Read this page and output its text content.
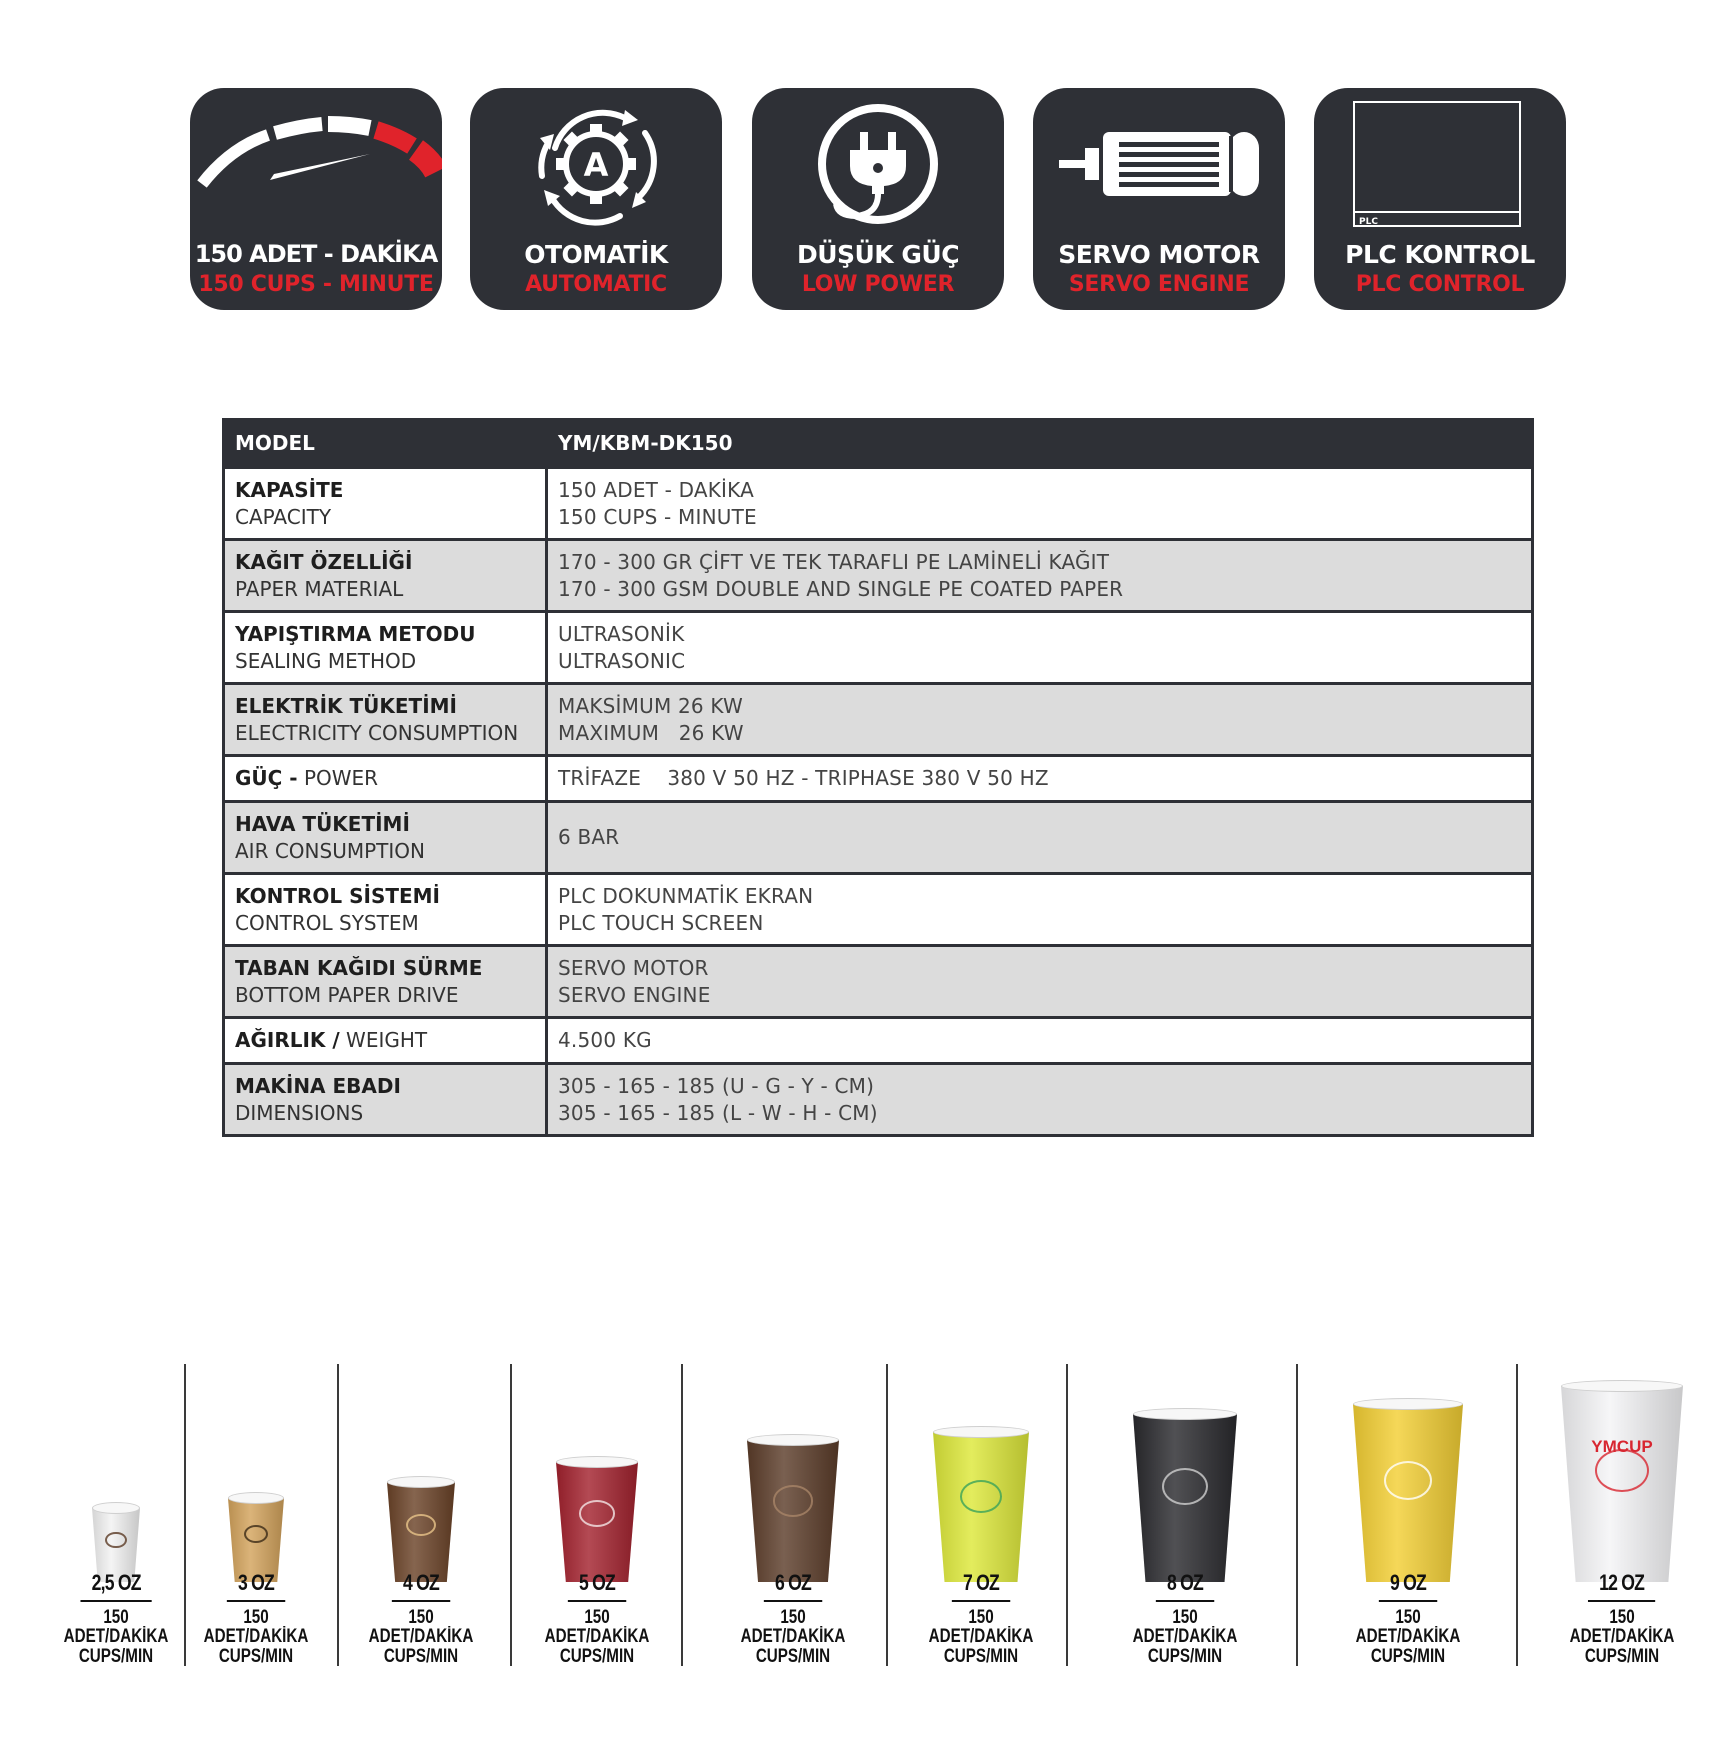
150 ADET - DAKİKA
150 CUPS - MINUTE
A
OTOMATİK
AUTOMATIC
DÜŞÜK GÜÇ
LOW POWER
SERVO MOTOR
SERVO ENGINE
PLC
PLC KONTROL
PLC CONTROL
MODEL	YM/KBM-DK150

KAPASİTE
CAPACITY	150 ADET - DAKİKA
150 CUPS - MINUTE

KAĞIT ÖZELLİĞİ
PAPER MATERIAL	170 - 300 GR ÇİFT VE TEK TARAFLI PE LAMİNELİ KAĞIT
170 - 300 GSM DOUBLE AND SINGLE PE COATED PAPER

YAPIŞTIRMA METODU
SEALING METHOD	ULTRASONİK
ULTRASONIC

ELEKTRİK TÜKETİMİ
ELECTRICITY CONSUMPTION	MAKSİMUM 26 KW
MAXIMUM   26 KW

GÜÇ - POWER	TRİFAZE    380 V 50 HZ - TRIPHASE 380 V 50 HZ

HAVA TÜKETİMİ
AIR CONSUMPTION	6 BAR

KONTROL SİSTEMİ
CONTROL SYSTEM	PLC DOKUNMATİK EKRAN
PLC TOUCH SCREEN

TABAN KAĞIDI SÜRME
BOTTOM PAPER DRIVE	SERVO MOTOR
SERVO ENGINE

AĞIRLIK / WEIGHT	4.500 KG

MAKİNA EBADI
DIMENSIONS	305 - 165 - 185 (U - G - Y - CM)
305 - 165 - 185 (L - W - H - CM)
2,5 OZ
150
ADET/DAKİKA
CUPS/MIN
3 OZ
150
ADET/DAKİKA
CUPS/MIN
4 OZ
150
ADET/DAKİKA
CUPS/MIN
5 OZ
150
ADET/DAKİKA
CUPS/MIN
6 OZ
150
ADET/DAKİKA
CUPS/MIN
7 OZ
150
ADET/DAKİKA
CUPS/MIN
8 OZ
150
ADET/DAKİKA
CUPS/MIN
9 OZ
150
ADET/DAKİKA
CUPS/MIN
YMCUP
12 OZ
150
ADET/DAKİKA
CUPS/MIN
